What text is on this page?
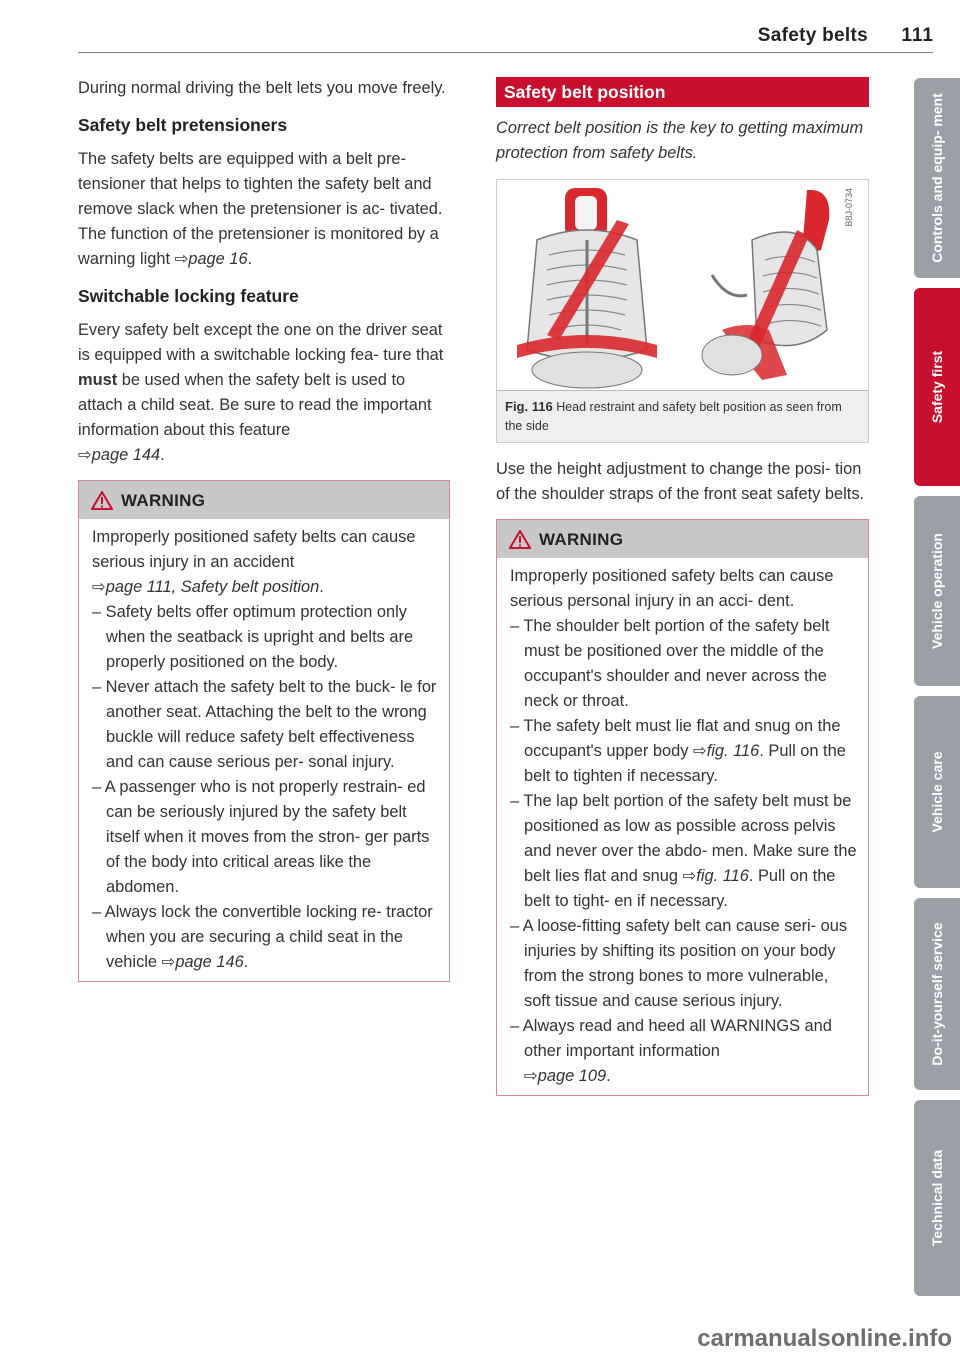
Safety belts 111

During normal driving the belt lets you move freely.

Safety belt pretensioners

The safety belts are equipped with a belt pre- tensioner that helps to tighten the safety belt and remove slack when the pretensioner is ac- tivated. The function of the pretensioner is monitored by a warning light ⇨page 16.

Switchable locking feature

Every safety belt except the one on the driver seat is equipped with a switchable locking fea- ture that must be used when the safety belt is used to attach a child seat. Be sure to read the important information about this feature
⇨page 144.

WARNING

Improperly positioned safety belts can cause serious injury in an accident
⇨page 111, Safety belt position.

– Safety belts offer optimum protection only when the seatback is upright and belts are properly positioned on the body.
– Never attach the safety belt to the buck- le for another seat. Attaching the belt to the wrong buckle will reduce safety belt effectiveness and can cause serious per- sonal injury.
– A passenger who is not properly restrain- ed can be seriously injured by the safety belt itself when it moves from the stron- ger parts of the body into critical areas like the abdomen.
– Always lock the convertible locking re- tractor when you are securing a child seat in the vehicle ⇨page 146.
Safety belt position

Correct belt position is the key to getting maximum protection from safety belts.

B8J-0734
Fig. 116 Head restraint and safety belt position as seen from the side

Use the height adjustment to change the posi- tion of the shoulder straps of the front seat safety belts.

WARNING

Improperly positioned safety belts can cause serious personal injury in an acci- dent.

– The shoulder belt portion of the safety belt must be positioned over the middle of the occupant's shoulder and never across the neck or throat.
– The safety belt must lie flat and snug on the occupant's upper body ⇨fig. 116. Pull on the belt to tighten if necessary.
– The lap belt portion of the safety belt must be positioned as low as possible across pelvis and never over the abdo- men. Make sure the belt lies flat and snug ⇨fig. 116. Pull on the belt to tight- en if necessary.
– A loose-fitting safety belt can cause seri- ous injuries by shifting its position on your body from the strong bones to more vulnerable, soft tissue and cause serious injury.
– Always read and heed all WARNINGS and other important information
⇨page 109.
Controls and equip- ment
Safety first
Vehicle operation
Vehicle care
Do-it-yourself service
Technical data
carmanualsonline.info
